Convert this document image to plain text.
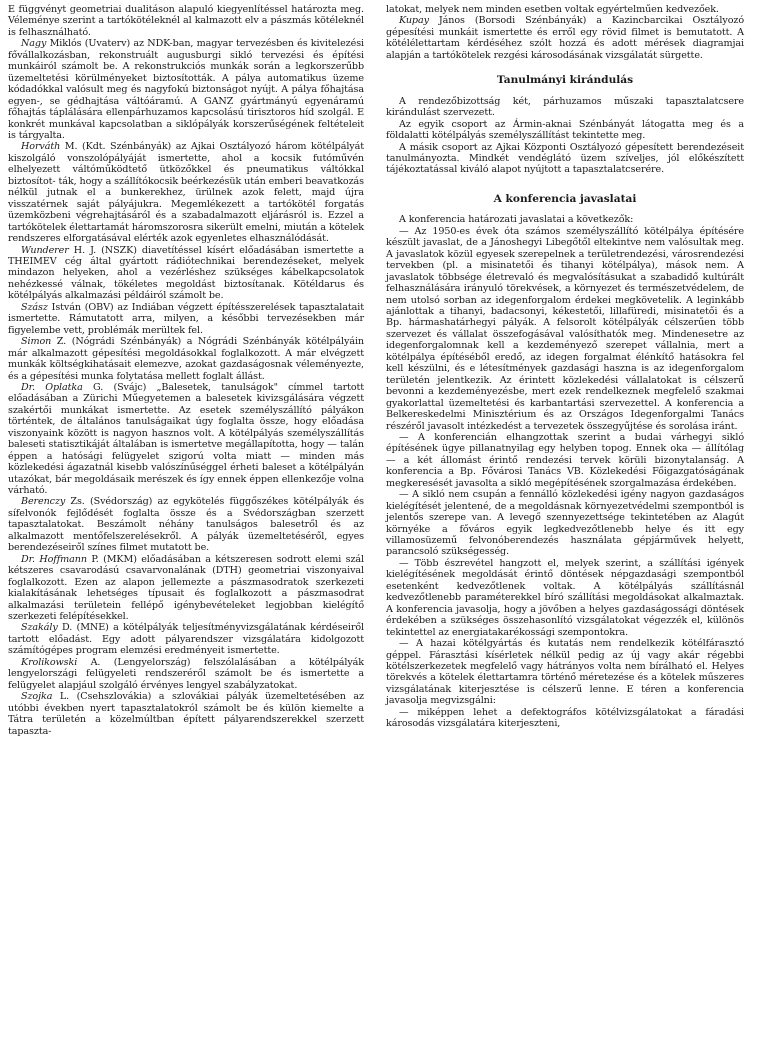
E függvényt geometriai dualitáson alapuló kiegyenlítéssel határozta meg. Véleménye szerint a tartókötéleknél al kalmazott elv a pászmás kötéleknél is felhasználható.

Nagy Miklós (Uvaterv) az NDK-ban, magyar tervezésben és kivitelezési fővállalkozásban, rekonstruált augusburgi sikló tervezési és építési munkáiról számolt be. A rekonstrukciós munkák során a legkorszerűbb üzemeltetési körülményeket biztosították. A pálya automatikus üzeme kódadókkal valósult meg és nagyfokú biztonságot nyújt. A pálya főhajtása egyen-, se gédhajtása váltóáramú. A GANZ gyártmányú egyenáramú főhajtás táplálására ellenpárhuzamos kapcsolású tirisztoros híd szolgál. E konkrét munkával kapcsolatban a siklópályák korszerűségének feltételeit is tárgyalta.

Horváth M. (Kdt. Szénbányák) az Ajkai Osztályozó három kötélpályát kiszolgáló vonszolópályáját ismertette, ahol a kocsik futóművén elhelyezett váltóműködtető ütközőkkel és pneumatikus váltókkal biztosítot- ták, hogy a szállítókocsik beérkezésük után emberi beavatkozás nélkül jutnak el a bunkerekhez, ürülnek azok felett, majd újra visszatérnek saját pályájukra. Megemlékezett a tartókötél forgatás üzemközbeni végrehajtásáról és a szabadalmazott eljárásról is. Ezzel a tartókötelek élettartamát háromszorosra sikerült emelni, miután a kötelek rendszeres elforgatásával elérték azok egyenletes elhasználódását.

Wunderer H. J. (NSZK) diavetítéssel kísért előadásában ismertette a THEIMEV cég által gyártott rádiótechnikai berendezéseket, melyek mindazon helyeken, ahol a vezérléshez szükséges kábelkapcsolatok nehézkessé válnak, tökéletes megoldást biztosítanak. Kötéldarus és kötélpályás alkalmazási példáiról számolt be.

Szász István (OBV) az Indiában végzett építésszerelések tapasztalatait ismertette. Rámutatott arra, milyen, a későbbi tervezésekben már figyelembe vett, problémák merültek fel.

Simon Z. (Nógrádi Szénbányák) a Nógrádi Szénbányák kötélpályáin már alkalmazott gépesítési megoldásokkal foglalkozott. A már elvégzett munkák költségkihatásait elemezve, azokat gazdaságosnak véleményezte, és a gépesítési munka folytatása mellett foglalt állást.

Dr. Oplatka G. (Svájc) „Balesetek, tanulságok" címmel tartott előadásában a Zürichi Műegyetemen a balesetek kivizsgálására végzett szakértői munkákat ismertette. Az esetek személyszállító pályákon történtek, de általános tanulságaikat úgy foglalta össze, hogy előadása viszonyaink között is nagyon hasznos volt. A kötélpályás személyszállítás baleseti statisztikáját általában is ismertetve megállapította, hogy — talán éppen a hatósági felügyelet szigorú volta miatt — minden más közlekedési ágazatnál kisebb valószínűséggel érheti baleset a kötélpályán utazókat, bár megoldásaik merészek és így ennek éppen ellenkezője volna várható.

Berenczy Zs. (Svédország) az egykötelés függőszékes kötélpályák és sífelvonók fejlődését foglalta össze és a Svédországban szerzett tapasztalatokat. Beszámolt néhány tanulságos balesetről és az alkalmazott mentőfelszerelésekről. A pályák üzemeltetéséről, egyes berendezéseiről színes filmet mutatott be.

Dr. Hoffmann P. (MKM) előadásában a kétszeresen sodrott elemi szál kétszeres csavarodású csavarvonalának (DTH) geometriai viszonyaival foglalkozott. Ezen az alapon jellemezte a pászmasodratok szerkezeti kialakításának lehetséges típusait és foglalkozott a pászmasodrat alkalmazási területein fellépő igénybevételeket legjobban kielégítő szerkezeti felépítésekkel.

Szakály D. (MNE) a kötélpályák teljesítményvizsgálatának kérdéseiről tartott előadást. Egy adott pályarendszer vizsgálatára kidolgozott számítógépes program elemzési eredményeit ismertette.

Krolikowski A. (Lengyelország) felszólalásában a kötélpályák lengyelországi felügyeleti rendszeréről számolt be és ismertette a felügyelet alapjául szolgáló érvényes lengyel szabályzatokat.

Szojka L. (Csehszlovákia) a szlovákiai pályák üzemeltetésében az utóbbi években nyert tapasztalatokról számolt be és külön kiemelte a Tátra területén a közelmúltban épített pályarendszerekkel szerzett tapaszta-

latokat, melyek nem minden esetben voltak egyértelműen kedvezőek.

Kupay János (Borsodi Szénbányák) a Kazincbarcikai Osztályozó gépesítési munkáit ismertette és erről egy rövid filmet is bemutatott. A kötélélettartam kérdéséhez szólt hozzá és adott mérések diagramjai alapján a tartókötelek rezgési károsodásának vizsgálatát sürgette.

Tanulmányi kirándulás

A rendezőbizottság két, párhuzamos műszaki tapasztalatcsere kirándulást szervezett.

Az egyik csoport az Ármin-aknai Szénbányát látogatta meg és a földalatti kötélpályás személyszállítást tekintette meg.

A másik csoport az Ajkai Központi Osztályozó gépesített berendezéseit tanulmányozta. Mindkét vendéglátó üzem szíveljes, jól előkészített tájékoztatással kiváló alapot nyújtott a tapasztalatcserére.

A konferencia javaslatai

A konferencia határozati javaslatai a következők:

— Az 1950-es évek óta számos személyszállító kötélpálya építésére készült javaslat, de a Jánoshegyi Libegőtől eltekintve nem valósultak meg. A javaslatok közül egyesek szerepelnek a területrendezési, városrendezési tervekben (pl. a misinatetői és tihanyi kötélpálya), mások nem. A javaslatok többsége életrevaló és megvalósításukat a szabadidő kultúrált felhasználására irányuló törekvések, a környezet és természetvédelem, de nem utolsó sorban az idegenforgalom érdekei megkövetelik. A leginkább ajánlottak a tihanyi, badacsonyi, kékestetői, lillafüredi, misinatetői és a Bp. hármashatárhegyi pályák. A felsorolt kötélpályák célszerűen több szervezet és vállalat összefogásával valósíthatók meg. Mindenesetre az idegenforgalomnak kell a kezdeményező szerepet vállalnia, mert a kötélpálya építéséből eredő, az idegen forgalmat élénkítő hatásokra fel kell készülni, és e létesítmények gazdasági haszna is az idegenforgalom területén jelentkezik. Az érintett közlekedési vállalatokat is célszerű bevonni a kezdeményezésbe, mert ezek rendelkeznek megfelelő szakmai gyakorlattal üzemeltetési és karbantartási szervezettel. A konferencia a Belkereskedelmi Minisztérium és az Országos Idegenforgalmi Tanács részéről javasolt intézkedést a tervezetek összegyűjtése és sorolása iránt.

— A konferencián elhangzottak szerint a budai várhegyi sikló építésének ügye pillanatnyilag egy helyben topog. Ennek oka — állítólag — a két állomást érintő rendezési tervek körüli bizonytalanság. A konferencia a Bp. Fővárosi Tanács VB. Közlekedési Főigazgatóságának megkeresését javasolta a sikló megépítésének szorgalmazása érdekében.

— A sikló nem csupán a fennálló közlekedési igény nagyon gazdaságos kielégítését jelentené, de a megoldásnak környezetvédelmi szempontból is jelentős szerepe van. A levegő szennyezettsége tekintetében az Alagút környéke a főváros egyik legkedvezőtlenebb helye és itt egy villamosüzemű felvonóberendezés használata gépjárművek helyett, parancsoló szükségesség.

— Több észrevétel hangzott el, melyek szerint, a szállítási igények kielégítésének megoldását érintő döntések népgazdasági szempontból esetenként kedvezőtlenek voltak. A kötélpályás szállításnál kedvezőtlenebb paraméterekkel bíró szállítási megoldásokat alkalmaztak. A konferencia javasolja, hogy a jövőben a helyes gazdaságossági döntések érdekében a szükséges összehasonlító vizsgálatokat végezzék el, különös tekintettel az energiatakarékossági szempontokra.

— A hazai kötélgyártás és kutatás nem rendelkezik kötélfárasztó géppel. Fárasztási kísérletek nélkül pedig az új vagy akár régebbi kötélszerkezetek megfelelő vagy hátrányos volta nem bírálható el. Helyes törekvés a kötelek élettartamra történő méretezése és a kötelek műszeres vizsgálatának kiterjesztése is célszerű lenne. E téren a konferencia javasolja megvizsgálni:

— miképpen lehet a defektográfos kötélvizsgálatokat a fáradási károsodás vizsgálatára kiterjeszteni,
